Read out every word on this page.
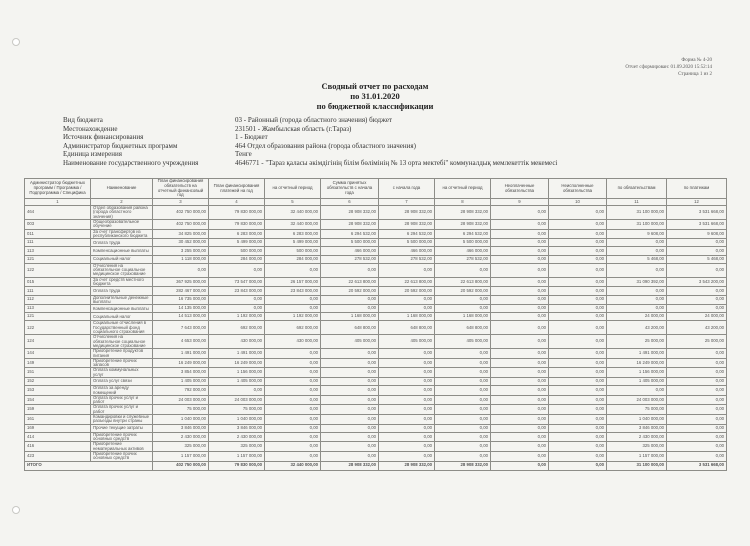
Форма № 4-20
Отчет сформирован: 01.09.2020 15:52:14
Страница 1 из 2
Сводный отчет по расходам
по 31.01.2020
по бюджетной классификации
Вид бюджета	03 - Районный (города областного значения) бюджет
Местонахождение	231501 - Жамбылская область (г.Тараз)
Источник финансирования	1 - Бюджет
Администратор бюджетных программ	464 Отдел образования района (города областного значения)
Единица измерения	Тенге
Наименование государственного учреждения	4646771 - "Тараз қаласы әкімдігінің білім бөлімінің № 13 орта мектебі" коммуналдық мемлекеттік мекемесі
Администратор бюджетных программ / Программа / Подпрограмма / Специфика	Наименование	План финансирования обязательств на отчетный финансовый год	План финансирования платежей на год	на отчетный период	Сумма принятых обязательств с начала года	с начала года	на отчетный период	Неоплаченные обязательства	Неисполненные обязательства	по обязательствам	по платежам
1	2	3	4	5	6	7	8	9	10	11	12
464	Отдел образования района (города областного значения)	402 750 000,00	79 830 000,00	32 440 000,00	28 908 332,00	28 908 332,00	28 908 332,00	0,00	0,00	31 100 000,00	3 531 668,00
003	Общеобразовательное обучение	402 750 000,00	79 830 000,00	32 440 000,00	28 908 332,00	28 908 332,00	28 908 332,00	0,00	0,00	31 100 000,00	3 531 668,00
011	За счет трансфертов из республиканского бюджета	34 825 000,00	6 283 000,00	6 283 000,00	6 294 532,00	6 294 532,00	6 294 532,00	0,00	0,00	9 608,00	9 608,00
111	Оплата труда	30 452 000,00	5 499 000,00	5 499 000,00	5 500 000,00	5 500 000,00	5 500 000,00	0,00	0,00	0,00	0,00
113	Компенсационные выплаты	3 255 000,00	500 000,00	500 000,00	466 000,00	466 000,00	466 000,00	0,00	0,00	0,00	0,00
121	Социальный налог	1 118 000,00	284 000,00	284 000,00	278 532,00	278 532,00	278 532,00	0,00	0,00	5 468,00	5 468,00
122	Отчисления на обязательное социальное медицинское страхование	0,00	0,00	0,00	0,00	0,00	0,00	0,00	0,00	0,00	0,00
015	За счет средств местного бюджета	367 925 000,00	73 547 000,00	26 157 000,00	22 613 800,00	22 613 800,00	22 613 800,00	0,00	0,00	31 090 392,00	3 543 200,00
111	Оплата труда	282 467 000,00	23 843 000,00	23 843 000,00	20 592 000,00	20 592 000,00	20 592 000,00	0,00	0,00	0,00	0,00
112	Дополнительные денежные выплаты	16 735 000,00	0,00	0,00	0,00	0,00	0,00	0,00	0,00	0,00	0,00
113	Компенсационные выплаты	14 135 000,00	0,00	0,00	0,00	0,00	0,00	0,00	0,00	0,00	0,00
121	Социальный налог	14 513 000,00	1 192 000,00	1 192 000,00	1 168 000,00	1 168 000,00	1 168 000,00	0,00	0,00	24 000,00	24 000,00
122	Социальные отчисления в Государственный фонд социального страхования	7 643 000,00	692 000,00	692 000,00	648 800,00	648 800,00	648 800,00	0,00	0,00	43 200,00	43 200,00
124	Отчисления на обязательное социальное медицинское страхование	4 653 000,00	430 000,00	430 000,00	405 000,00	405 000,00	405 000,00	0,00	0,00	25 000,00	25 000,00
144	Приобретение продуктов питания	1 491 000,00	1 491 000,00	0,00	0,00	0,00	0,00	0,00	0,00	1 491 000,00	0,00
149	Приобретение прочих запасов	16 249 000,00	16 249 000,00	0,00	0,00	0,00	0,00	0,00	0,00	16 249 000,00	0,00
151	Оплата коммунальных услуг	3 854 000,00	1 156 000,00	0,00	0,00	0,00	0,00	0,00	0,00	1 156 000,00	0,00
152	Оплата услуг связи	1 405 000,00	1 405 000,00	0,00	0,00	0,00	0,00	0,00	0,00	1 405 000,00	0,00
153	Оплата за аренду помещений	792 000,00	0,00	0,00	0,00	0,00	0,00	0,00	0,00	0,00	0,00
154	Оплата прочих услуг и работ	24 003 000,00	24 003 000,00	0,00	0,00	0,00	0,00	0,00	0,00	24 003 000,00	0,00
159	Оплата прочих услуг и работ	75 000,00	75 000,00	0,00	0,00	0,00	0,00	0,00	0,00	75 000,00	0,00
161	Командировки и служебные разъезды внутри страны	1 040 000,00	1 040 000,00	0,00	0,00	0,00	0,00	0,00	0,00	1 040 000,00	0,00
169	Прочие текущие затраты	3 846 000,00	3 846 000,00	0,00	0,00	0,00	0,00	0,00	0,00	3 846 000,00	0,00
414	Приобретение прочих основных средств	2 430 000,00	2 430 000,00	0,00	0,00	0,00	0,00	0,00	0,00	2 430 000,00	0,00
416	Приобретение нематериальных активов	325 000,00	325 000,00	0,00	0,00	0,00	0,00	0,00	0,00	325 000,00	0,00
423	Приобретение прочих основных средств	1 157 000,00	1 157 000,00	0,00	0,00	0,00	0,00	0,00	0,00	1 157 000,00	0,00
ИТОГО		402 750 000,00	79 830 000,00	32 440 000,00	28 908 332,00	28 908 332,00	28 908 332,00	0,00	0,00	31 100 000,00	3 531 668,00
